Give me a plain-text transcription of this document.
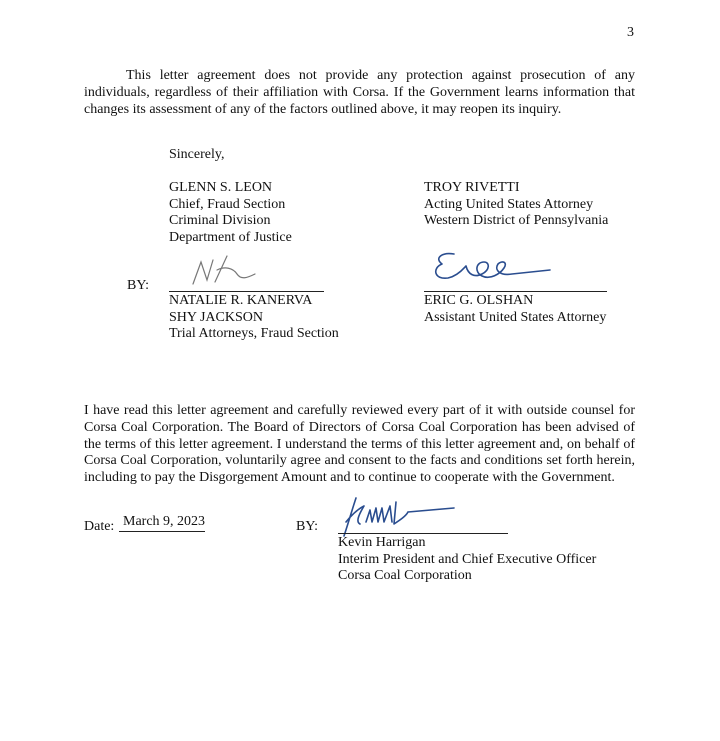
3
This letter agreement does not provide any protection against prosecution of any
individuals, regardless of their affiliation with Corsa. If the Government learns information that
changes its assessment of any of the factors outlined above, it may reopen its inquiry.
Sincerely,
GLENN S. LEON
Chief, Fraud Section
Criminal Division
Department of Justice
TROY RIVETTI
Acting United States Attorney
Western District of Pennsylvania
BY:
NATALIE R. KANERVA
SHY JACKSON
Trial Attorneys, Fraud Section
ERIC G. OLSHAN
Assistant United States Attorney
I have read this letter agreement and carefully reviewed every part of it with outside counsel for
Corsa Coal Corporation. The Board of Directors of Corsa Coal Corporation has been advised of
the terms of this letter agreement. I understand the terms of this letter agreement and, on behalf of
Corsa Coal Corporation, voluntarily agree and consent to the facts and conditions set forth herein,
including to pay the Disgorgement Amount and to continue to cooperate with the Government.
Date: March 9, 2023	BY:
Kevin Harrigan
Interim President and Chief Executive Officer
Corsa Coal Corporation
